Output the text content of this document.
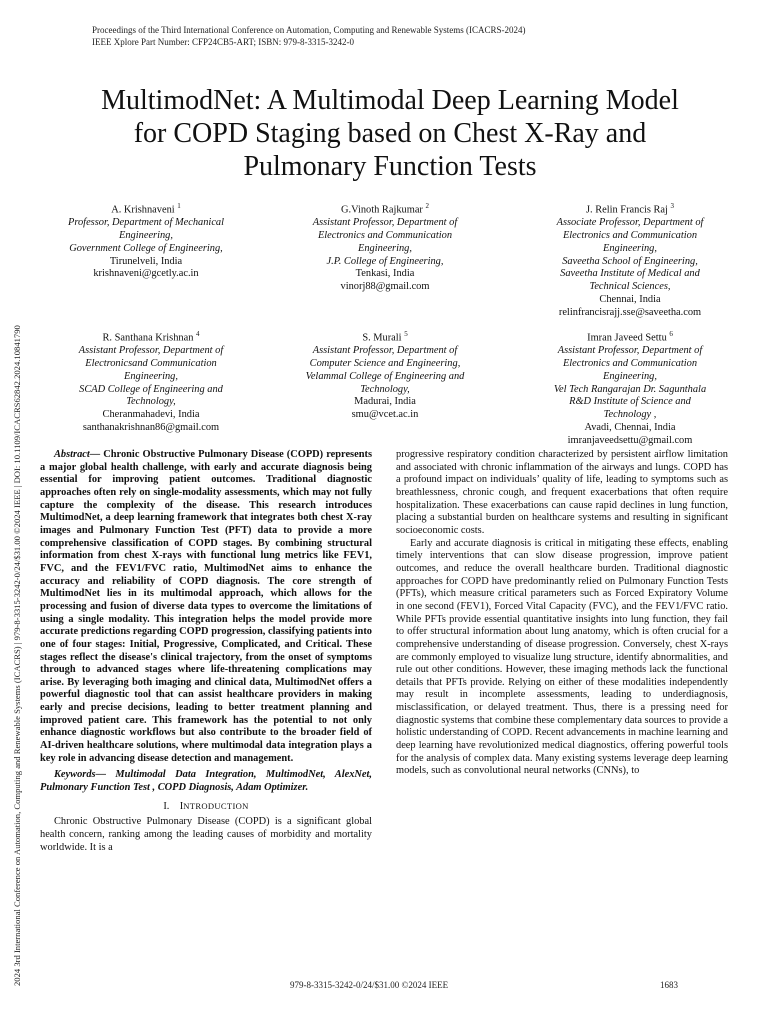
Proceedings of the Third International Conference on Automation, Computing and Renewable Systems (ICACRS-2024)
IEEE Xplore Part Number: CFP24CB5-ART; ISBN: 979-8-3315-3242-0
2024 3rd International Conference on Automation, Computing and Renewable Systems (ICACRS) | 979-8-3315-3242-0/24/$31.00 ©2024 IEEE | DOI: 10.1109/ICACRS62842.2024.10841790
MultimodNet: A Multimodal Deep Learning Model
for COPD Staging based on Chest X-Ray and
Pulmonary Function Tests
A. Krishnaveni $^1$
Professor, Department of Mechanical
Engineering,
Government College of Engineering,
Tirunelveli, India
krishnaveni@gcetly.ac.in
G.Vinoth Rajkumar $^2$
Assistant Professor, Department of
Electronics and Communication
Engineering,
J.P. College of Engineering,
Tenkasi, India
vinorj88@gmail.com
J. Relin Francis Raj $^3$
Associate Professor, Department of
Electronics and Communication
Engineering,
Saveetha School of Engineering,
Saveetha Institute of Medical and
Technical Sciences,
Chennai, India
relinfrancisrajj.sse@saveetha.com
R. Santhana Krishnan $^4$
Assistant Professor, Department of
Electronicsand Communication
Engineering,
SCAD College of Engineering and
Technology,
Cheranmahadevi, India
santhanakrishnan86@gmail.com
S. Murali $^5$
Assistant Professor, Department of
Computer Science and Engineering,
Velammal College of Engineering and
Technology,
Madurai, India
smu@vcet.ac.in
Imran Javeed Settu $^6$
Assistant Professor, Department of
Electronics and Communication
Engineering,
Vel Tech Rangarajan Dr. Sagunthala
R&D Institute of Science and
Technology ,
Avadi, Chennai, India
imranjaveedsettu@gmail.com

Abstract— Chronic Obstructive Pulmonary Disease (COPD) represents a major global health challenge, with early and accurate diagnosis being essential for improving patient outcomes. Traditional diagnostic approaches often rely on single-modality assessments, which may not fully capture the complexity of the disease. This research introduces MultimodNet, a deep learning framework that integrates both chest X-ray images and Pulmonary Function Test (PFT) data to provide a more comprehensive classification of COPD stages. By combining structural information from chest X-rays with functional lung metrics like FEV1, FVC, and the FEV1/FVC ratio, MultimodNet aims to enhance the accuracy and reliability of COPD diagnosis. The core strength of MultimodNet lies in its multimodal approach, which allows for the processing and fusion of diverse data types to overcome the limitations of using a single modality. This integration helps the model provide more accurate predictions regarding COPD progression, classifying patients into one of four stages: Initial, Progressive, Complicated, and Critical. These stages reflect the disease's clinical trajectory, from the onset of symptoms through to advanced stages where life-threatening complications may arise. By leveraging both imaging and clinical data, MultimodNet offers a powerful diagnostic tool that can assist healthcare providers in making early and precise decisions, leading to better treatment planning and improved patient care. This framework has the potential to not only enhance diagnostic workflows but also contribute to the broader field of AI-driven healthcare solutions, where multimodal data integration plays a key role in advancing disease detection and management.

Keywords— Multimodal Data Integration, MultimodNet, AlexNet, Pulmonary Function Test , COPD Diagnosis, Adam Optimizer.

I. INTRODUCTION

Chronic Obstructive Pulmonary Disease (COPD) is a significant global health concern, ranking among the leading causes of morbidity and mortality worldwide. It is a

progressive respiratory condition characterized by persistent airflow limitation and associated with chronic inflammation of the airways and lungs. COPD has a profound impact on individuals’ quality of life, leading to symptoms such as breathlessness, chronic cough, and frequent exacerbations that often require hospitalization. These exacerbations can cause rapid declines in lung function, placing a substantial burden on healthcare systems and resulting in significant socioeconomic costs.

Early and accurate diagnosis is critical in mitigating these effects, enabling timely interventions that can slow disease progression, improve patient outcomes, and reduce the overall healthcare burden. Traditional diagnostic approaches for COPD have predominantly relied on Pulmonary Function Tests (PFTs), which measure critical parameters such as Forced Expiratory Volume in one second (FEV1), Forced Vital Capacity (FVC), and the FEV1/FVC ratio. While PFTs provide essential quantitative insights into lung function, they fail to offer structural information about lung anatomy, which is often crucial for a comprehensive understanding of disease progression. Conversely, chest X-rays are commonly employed to visualize lung structure, identify abnormalities, and rule out other conditions. However, these imaging methods lack the functional details that PFTs provide. Relying on either of these modalities independently may result in incomplete assessments, leading to underdiagnosis, misclassification, or delayed treatment. Thus, there is a pressing need for diagnostic systems that combine these complementary data sources to provide a holistic understanding of COPD. Recent advancements in machine learning and deep learning have revolutionized medical diagnostics, offering powerful tools for the analysis of complex data. Many existing systems leverage deep learning models, such as convolutional neural networks (CNNs), to

979-8-3315-3242-0/24/$31.00 ©2024 IEEE	1683
